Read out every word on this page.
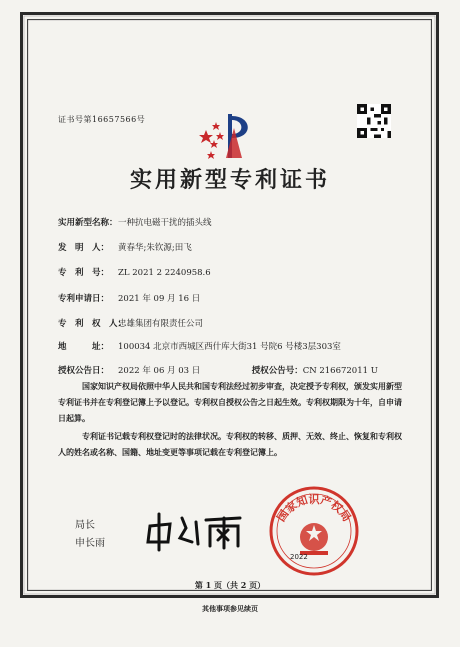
证书号第16657566号
实用新型专利证书
实用新型名称：一种抗电磁干扰的插头线
发　明　人： 黄春华;朱钦源;田飞
专　利　号： ZL 2021 2 2240958.6
专利申请日： 2021 年 09 月 16 日
专　利　权　人：忠雄集团有限责任公司
地　　　址： 100034 北京市西城区西什库大街31 号院6 号楼3层303室
授权公告日： 2022 年 06 月 03 日	授权公告号：CN 216672011 U
国家知识产权局依照中华人民共和国专利法经过初步审查，决定授予专利权，颁发实用新型专利证书并在专利登记簿上予以登记。专利权自授权公告之日起生效。专利权期限为十年，自申请日起算。
专利证书记载专利权登记时的法律状况。专利权的转移、质押、无效、终止、恢复和专利权人的姓名或名称、国籍、地址变更等事项记载在专利登记簿上。
局长
申长雨
国家知识产权局
2022
第 1 页（共 2 页）
其他事项参见续页
